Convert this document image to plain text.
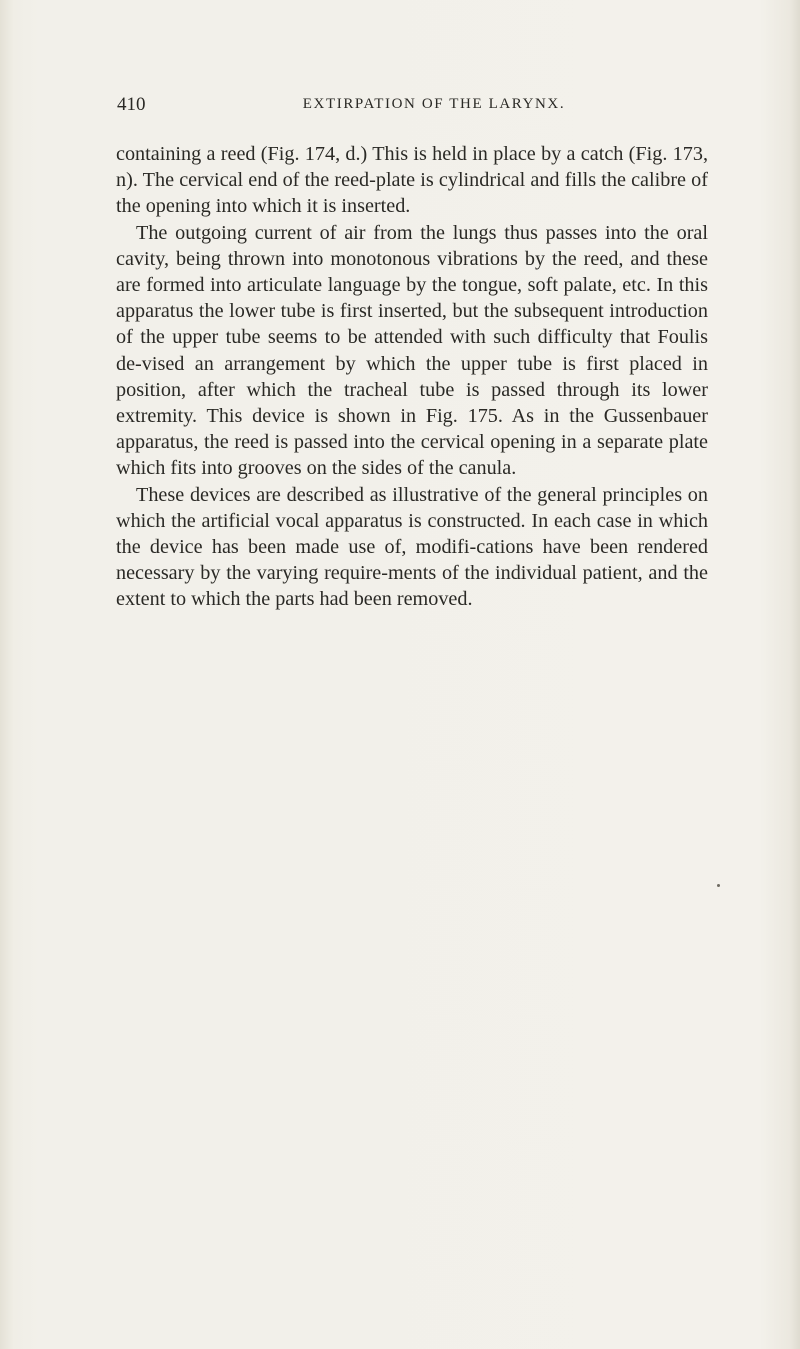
410	EXTIRPATION OF THE LARYNX.

containing a reed (Fig. 174, d.) This is held in place by a catch (Fig. 173, n). The cervical end of the reed-plate is cylindrical and fills the calibre of the opening into which it is inserted.

The outgoing current of air from the lungs thus passes into the oral cavity, being thrown into monotonous vibrations by the reed, and these are formed into articulate language by the tongue, soft palate, etc. In this apparatus the lower tube is first inserted, but the subsequent introduction of the upper tube seems to be attended with such difficulty that Foulis de-vised an arrangement by which the upper tube is first placed in position, after which the tracheal tube is passed through its lower extremity. This device is shown in Fig. 175. As in the Gussenbauer apparatus, the reed is passed into the cervical opening in a separate plate which fits into grooves on the sides of the canula.

These devices are described as illustrative of the general principles on which the artificial vocal apparatus is constructed. In each case in which the device has been made use of, modifi-cations have been rendered necessary by the varying require-ments of the individual patient, and the extent to which the parts had been removed.
